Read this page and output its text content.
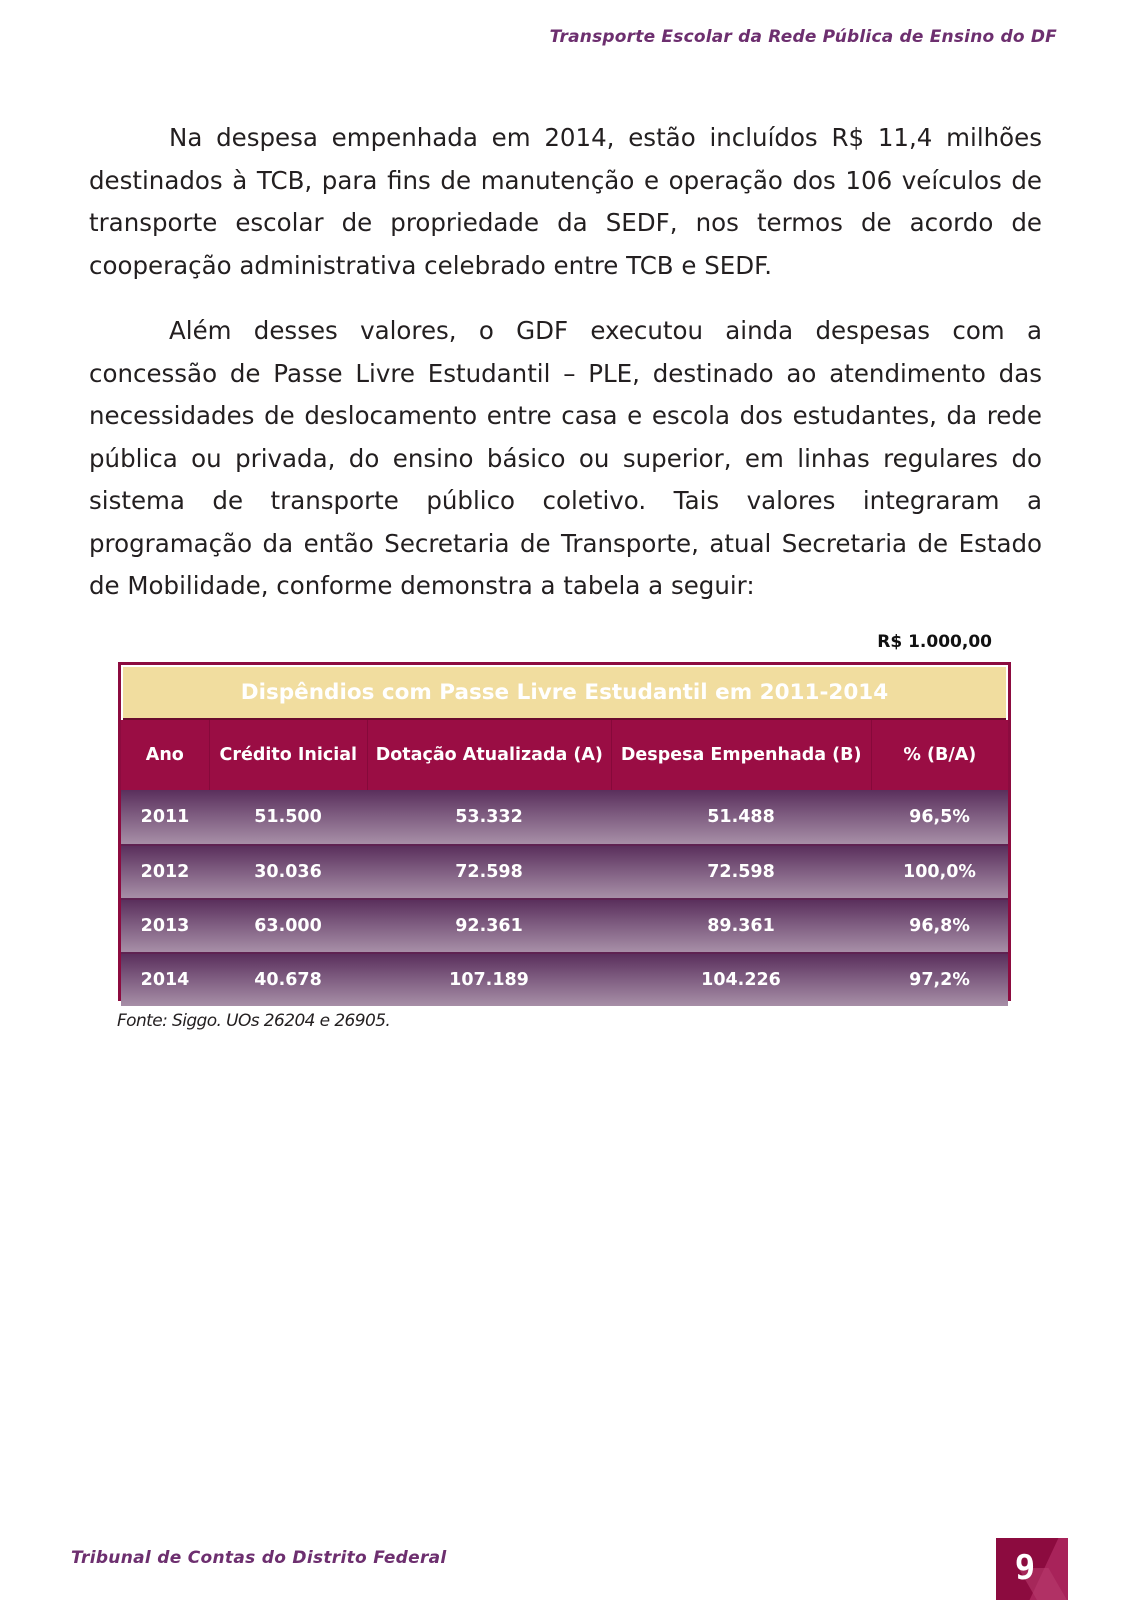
Transporte Escolar da Rede Pública de Ensino do DF

Na despesa empenhada em 2014, estão incluídos R$ 11,4 milhões destinados à TCB, para fins de manutenção e operação dos 106 veículos de transporte escolar de propriedade da SEDF, nos termos de acordo de cooperação administrativa celebrado entre TCB e SEDF.

Além desses valores, o GDF executou ainda despesas com a concessão de Passe Livre Estudantil – PLE, destinado ao atendimento das necessidades de deslocamento entre casa e escola dos estudantes, da rede pública ou privada, do ensino básico ou superior, em linhas regulares do sistema de transporte público coletivo. Tais valores integraram a programação da então Secretaria de Transporte, atual Secretaria de Estado de Mobilidade, conforme demonstra a tabela a seguir:

R$ 1.000,00
Dispêndios com Passe Livre Estudantil em 2011-2014
Ano	Crédito Inicial	Dotação Atualizada (A)	Despesa Empenhada (B)	% (B/A)
2011	51.500	53.332	51.488	96,5%
2012	30.036	72.598	72.598	100,0%
2013	63.000	92.361	89.361	96,8%
2014	40.678	107.189	104.226	97,2%
Fonte: Siggo. UOs 26204 e 26905.
Tribunal de Contas do Distrito Federal	9
